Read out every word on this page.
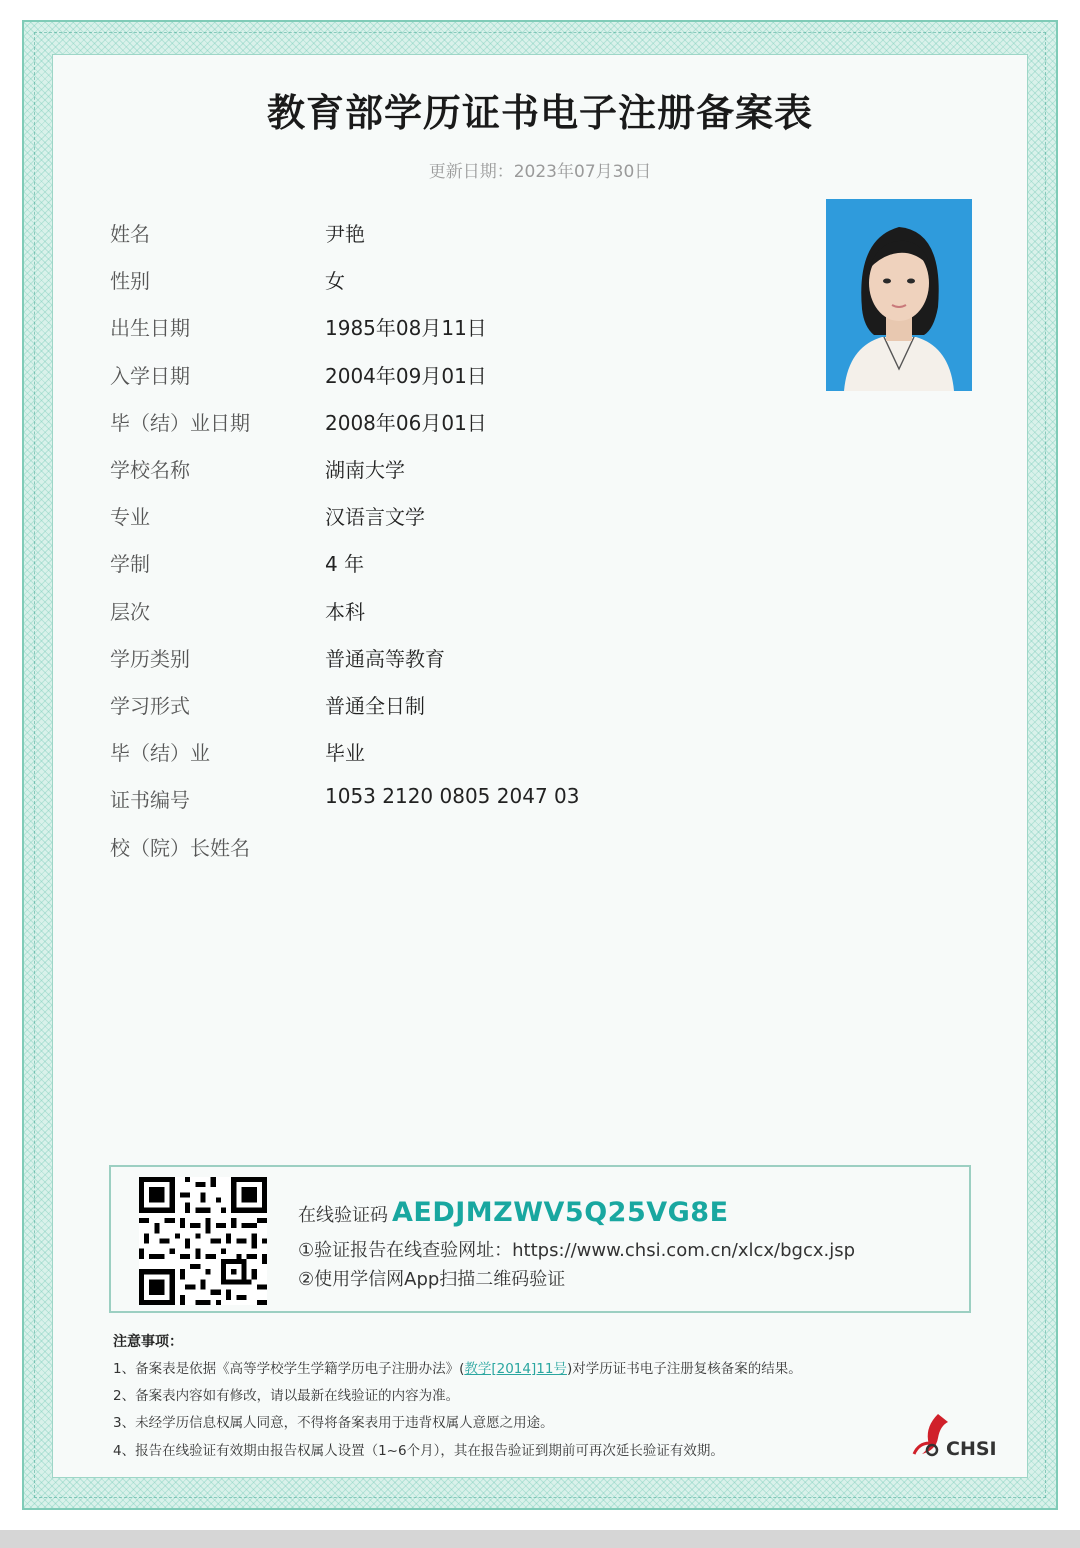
教育部学历证书电子注册备案表
更新日期：2023年07月30日
姓名	尹艳
性别	女
出生日期	1985年08月11日
入学日期	2004年09月01日
毕（结）业日期	2008年06月01日
学校名称	湖南大学
专业	汉语言文学
学制	4 年
层次	本科
学历类别	普通高等教育
学习形式	普通全日制
毕（结）业	毕业
证书编号	1053 2120 0805 2047 03
校（院）长姓名
在线验证码 AEDJMZWV5Q25VG8E
①验证报告在线查验网址：https://www.chsi.com.cn/xlcx/bgcx.jsp
②使用学信网App扫描二维码验证
注意事项：
1、备案表是依据《高等学校学生学籍学历电子注册办法》(教学[2014]11号)对学历证书电子注册复核备案的结果。
2、备案表内容如有修改，请以最新在线验证的内容为准。
3、未经学历信息权属人同意，不得将备案表用于违背权属人意愿之用途。
4、报告在线验证有效期由报告权属人设置（1~6个月），其在报告验证到期前可再次延长验证有效期。	CHSI
